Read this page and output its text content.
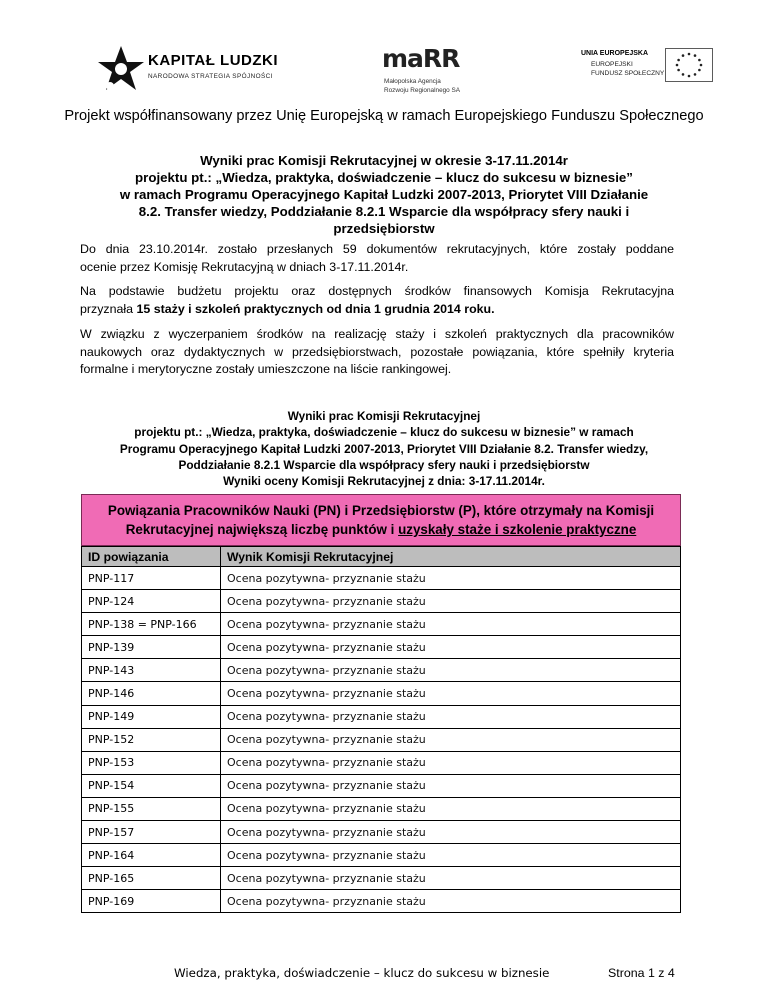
KAPITAŁ LUDZKI
NARODOWA STRATEGIA SPÓJNOŚCI
maRR
Małopolska Agencja
Rozwoju Regionalnego SA
UNIA EUROPEJSKA
EUROPEJSKI
FUNDUSZ SPOŁECZNY
Projekt współfinansowany przez Unię Europejską w ramach Europejskiego Funduszu Społecznego
Wyniki prac Komisji Rekrutacyjnej w okresie 3-17.11.2014r
projektu pt.: „Wiedza, praktyka, doświadczenie – klucz do sukcesu w biznesie”
w ramach Programu Operacyjnego Kapitał Ludzki 2007-2013, Priorytet VIII Działanie
8.2. Transfer wiedzy, Poddziałanie 8.2.1 Wsparcie dla współpracy sfery nauki i
przedsiębiorstw
Do dnia 23.10.2014r. zostało przesłanych 59 dokumentów rekrutacyjnych, które zostały poddane
ocenie przez Komisję Rekrutacyjną w dniach 3-17.11.2014r.
Na podstawie budżetu projektu oraz dostępnych środków finansowych Komisja Rekrutacyjna
przyznała 15 staży i szkoleń praktycznych od dnia 1 grudnia 2014 roku.
W związku z wyczerpaniem środków na realizację staży i szkoleń praktycznych dla pracowników
naukowych oraz dydaktycznych w przedsiębiorstwach, pozostałe powiązania, które spełniły kryteria
formalne i merytoryczne zostały umieszczone na liście rankingowej.
Wyniki prac Komisji Rekrutacyjnej
projektu pt.: „Wiedza, praktyka, doświadczenie – klucz do sukcesu w biznesie” w ramach
Programu Operacyjnego Kapitał Ludzki 2007-2013, Priorytet VIII Działanie 8.2. Transfer wiedzy,
Poddziałanie 8.2.1 Wsparcie dla współpracy sfery nauki i przedsiębiorstw
Wyniki oceny Komisji Rekrutacyjnej z dnia: 3-17.11.2014r.
Powiązania Pracowników Nauki (PN) i Przedsiębiorstw (P), które otrzymały na Komisji
Rekrutacyjnej największą liczbę punktów i uzyskały staże i szkolenie praktyczne
ID powiązania	Wynik Komisji Rekrutacyjnej
PNP-117	Ocena pozytywna- przyznanie stażu
PNP-124	Ocena pozytywna- przyznanie stażu
PNP-138 = PNP-166	Ocena pozytywna- przyznanie stażu
PNP-139	Ocena pozytywna- przyznanie stażu
PNP-143	Ocena pozytywna- przyznanie stażu
PNP-146	Ocena pozytywna- przyznanie stażu
PNP-149	Ocena pozytywna- przyznanie stażu
PNP-152	Ocena pozytywna- przyznanie stażu
PNP-153	Ocena pozytywna- przyznanie stażu
PNP-154	Ocena pozytywna- przyznanie stażu
PNP-155	Ocena pozytywna- przyznanie stażu
PNP-157	Ocena pozytywna- przyznanie stażu
PNP-164	Ocena pozytywna- przyznanie stażu
PNP-165	Ocena pozytywna- przyznanie stażu
PNP-169	Ocena pozytywna- przyznanie stażu
Wiedza, praktyka, doświadczenie – klucz do sukcesu w biznesie	Strona 1 z 4
